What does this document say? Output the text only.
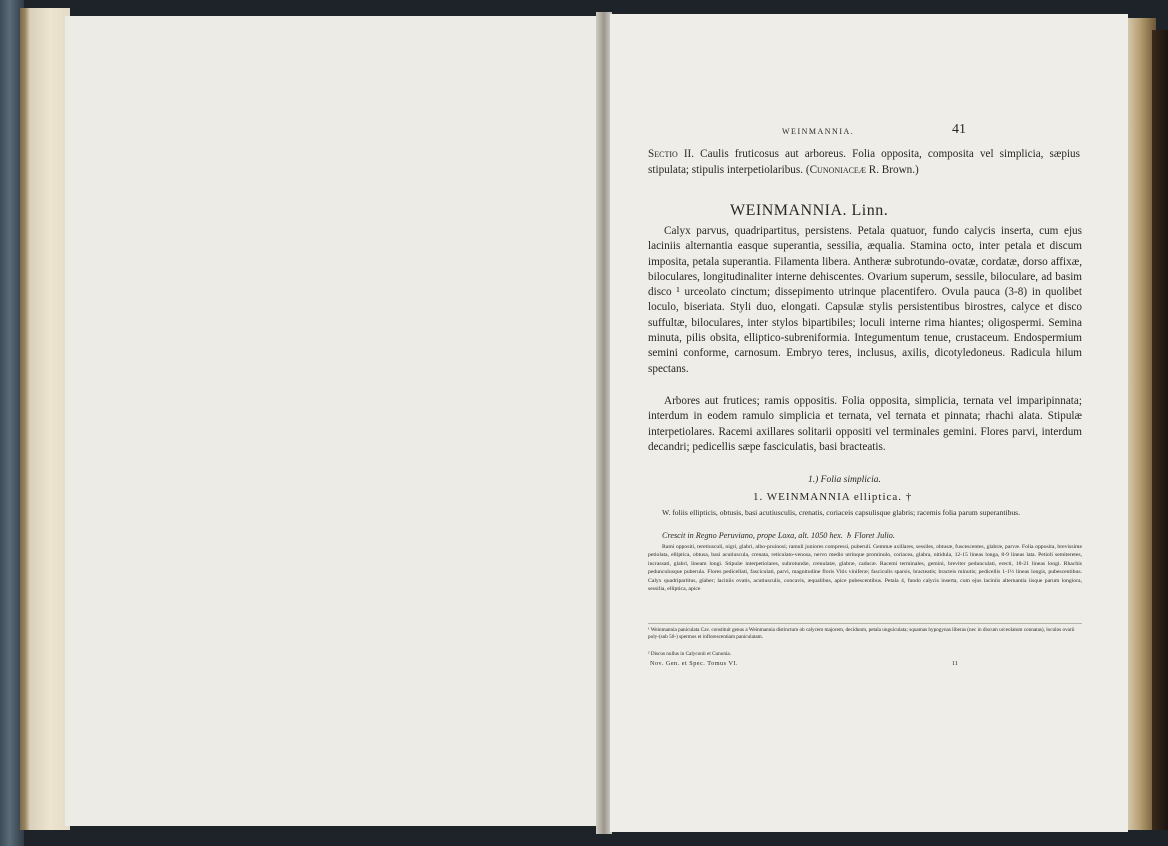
WEINMANNIA.	41
Sectio II. Caulis fruticosus aut arboreus. Folia opposita, composita vel simplicia, sæpius stipulata; stipulis interpetiolaribus. (Cunoniaceæ R. Brown.)
WEINMANNIA. Linn.
Calyx parvus, quadripartitus, persistens. Petala quatuor, fundo calycis inserta, cum ejus laciniis alternantia easque superantia, sessilia, æqualia. Stamina octo, inter petala et discum imposita, petala superantia. Filamenta libera. Antheræ subrotundo-ovatæ, cordatæ, dorso affixæ, biloculares, longitudinaliter interne dehiscentes. Ovarium superum, sessile, biloculare, ad basim disco ¹ urceolato cinctum; dissepimento utrinque placentifero. Ovula pauca (3-8) in quolibet loculo, biseriata. Styli duo, elongati. Capsulæ stylis persistentibus birostres, calyce et disco suffultæ, biloculares, inter stylos bipartibiles; loculi interne rima hiantes; oligospermi. Semina minuta, pilis obsita, elliptico-subreniformia. Integumentum tenue, crustaceum. Endospermium semini conforme, carnosum. Embryo teres, inclusus, axilis, dicotyledoneus. Radicula hilum spectans.
Arbores aut frutices; ramis oppositis. Folia opposita, simplicia, ternata vel imparipinnata; interdum in eodem ramulo simplicia et ternata, vel ternata et pinnata; rhachi alata. Stipulæ interpetiolares. Racemi axillares solitarii oppositi vel terminales gemini. Flores parvi, interdum decandri; pedicellis sæpe fasciculatis, basi bracteatis.
1.) Folia simplicia.
1. WEINMANNIA elliptica. †
W. foliis ellipticis, obtusis, basi acutiusculis, crenatis, coriaceis capsulisque glabris; racemis folia parum superantibus.
Crescit in Regno Peruviano, prope Loxa, alt. 1050 hex. ♄ Floret Julio.
Rami oppositi, teretiusculi, nigri, glabri, albo-pruinosi; ramuli juniores compressi, puberuli. Gemmæ axillares, sessiles, obtusæ, fuscescentes, glabræ, parvæ. Folia opposita, brevissime petiolata, elliptica, obtusa, basi acutiuscula, crenata, reticulato-venosa, nervo medio utrinque prominulo, coriacea, glabra, nitidula, 12-15 lineas longa, 8-9 lineas lata. Petioli semiteretes, incrassati, glabri, lineam longi. Stipulæ interpetiolares, subrotundæ, crenulatæ, glabræ, caducæ. Racemi terminales, gemini, breviter pedunculati, erecti, 18-21 lineas longi. Rhachis pedunculusque puberula. Flores pedicellati, fasciculati, parvi, magnitudine floris Vitis viniferæ; fasciculis sparsis, bracteatis; bracteis minutis; pedicellis 1-1½ lineas longis, pubescentibus. Calyx quadripartitus, glaber; laciniis ovatis, acutiusculis, concavis, æqualibus, apice pubescentibus. Petala 4, fundo calycis inserta, cum ejus laciniis alternantia iisque parum longiora, sessilia, elliptica, apice
¹ Weinmannia paniculata Cav. constituit genus a Weinmannia distinctum ob calycem majorem, decidunm, petala unguiculata; squamas hypogynas liberas (nec in discum urceolatum connatas), loculos ovarii poly-(sub 50-) spermos et inflorescentiam paniculatam.
² Discus nullus in Calyconii et Cunonia.
Nov. Gen. et Spec. Tomus VI.	11
